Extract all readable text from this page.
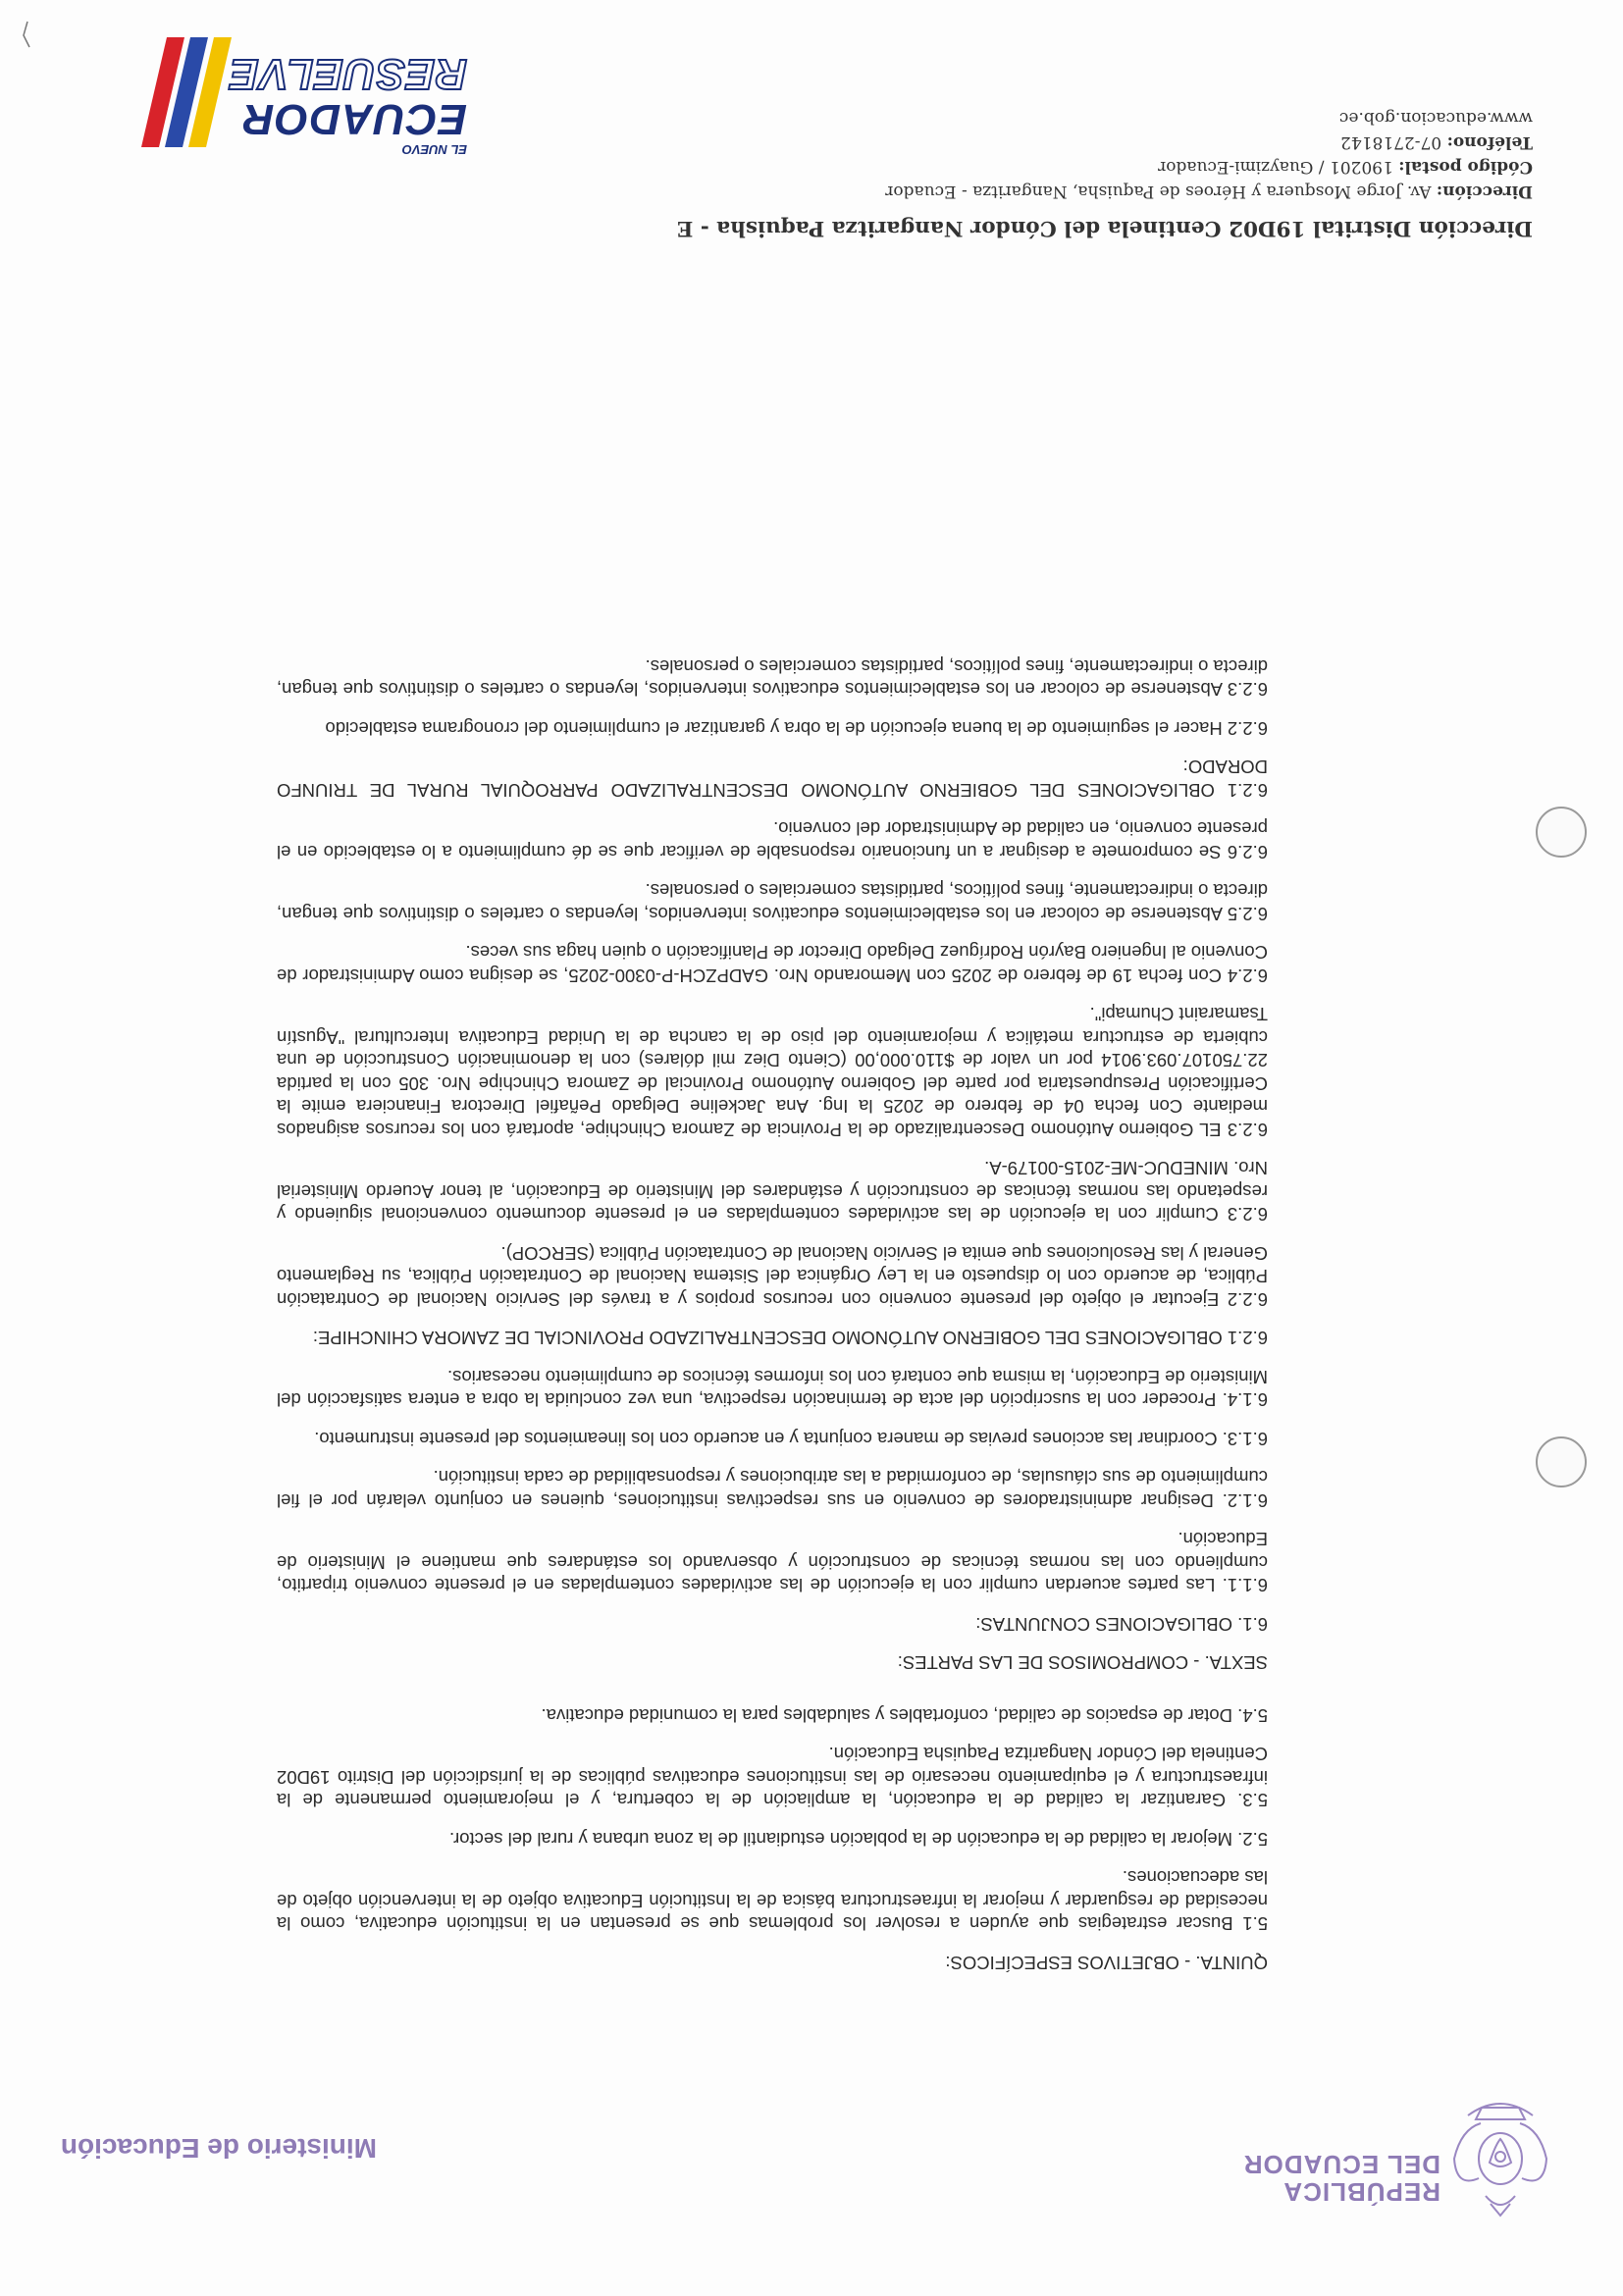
REPÚBLICA
DEL ECUADOR
Ministerio de Educación

QUINTA. - OBJETIVOS ESPECÍFICOS:

5.1 Buscar estrategias que ayuden a resolver los problemas que se presentan en la institución educativa, como la necesidad de resguardar y mejorar la infraestructura básica de la Institución Educativa objeto de la intervención objeto de las adecuaciones.

5.2. Mejorar la calidad de la educación de la población estudiantil de la zona urbana y rural del sector.

5.3. Garantizar la calidad de la educación, la ampliación de la cobertura, y el mejoramiento permanente de la infraestructura y el equipamiento necesario de las instituciones educativas públicas de la jurisdicción del Distrito 19D02 Centinela del Cóndor Nangaritza Paquisha Educación.

5.4. Dotar de espacios de calidad, confortables y saludables para la comunidad educativa.

SEXTA. - COMPROMISOS DE LAS PARTES:

6.1. OBLIGACIONES CONJUNTAS:

6.1.1. Las partes acuerdan cumplir con la ejecución de las actividades contempladas en el presente convenio tripartito, cumpliendo con las normas técnicas de construcción y observando los estándares que mantiene el Ministerio de Educación.

6.1.2. Designar administradores de convenio en sus respectivas instituciones, quienes en conjunto velarán por el fiel cumplimiento de sus cláusulas, de conformidad a las atribuciones y responsabilidad de cada institución.

6.1.3. Coordinar las acciones previas de manera conjunta y en acuerdo con los lineamientos del presente instrumento.

6.1.4. Proceder con la suscripción del acta de terminación respectiva, una vez concluida la obra a entera satisfacción del Ministerio de Educación, la misma que contará con los informes técnicos de cumplimiento necesarios.

6.2.1 OBLIGACIONES DEL GOBIERNO AUTÓNOMO DESCENTRALIZADO PROVINCIAL DE ZAMORA CHINCHIPE:

6.2.2 Ejecutar el objeto del presente convenio con recursos propios y a través del Servicio Nacional de Contratación Pública, de acuerdo con lo dispuesto en la Ley Orgánica del Sistema Nacional de Contratación Pública, su Reglamento General y las Resoluciones que emita el Servicio Nacional de Contratación Pública (SERCOP).

6.2.3 Cumplir con la ejecución de las actividades contempladas en el presente documento convencional siguiendo y respetando las normas técnicas de construcción y estándares del Ministerio de Educación, al tenor Acuerdo Ministerial Nro. MINEDUC-ME-2015-00179-A.

6.2.3 EL Gobierno Autónomo Descentralizado de la Provincia de Zamora Chinchipe, aportará con los recursos asignados mediante Con fecha 04 de febrero de 2025 la Ing. Ana Jackeline Delgado Peñafiel Directora Financiera emite la Certificación Presupuestaria por parte del Gobierno Autónomo Provincial de Zamora Chinchipe Nro. 305 con la partida 22.750107.093.9014 por un valor de $110.000,00 (Ciento Diez mil dólares) con la denominación Construcción de una cubierta de estructura metálica y mejoramiento del piso de la cancha de la Unidad Educativa Intercultural "Agustín Tsamaraint Chumapi".

6.2.4 Con fecha 19 de febrero de 2025 con Memorando Nro. GADPZCH-P-0300-2025, se designa como Administrador de Convenio al Ingeniero Bayrón Rodríguez Delgado Director de Planificación o quien haga sus veces.

6.2.5 Abstenerse de colocar en los establecimientos educativos intervenidos, leyendas o carteles o distintivos que tengan, directa o indirectamente, fines políticos, partidistas comerciales o personales.

6.2.6 Se compromete a designar a un funcionario responsable de verificar que se dé cumplimiento a lo establecido en el presente convenio, en calidad de Administrador del convenio.

6.2.1 OBLIGACIONES DEL GOBIERNO AUTÓNOMO DESCENTRALIZADO PARROQUIAL RURAL DE TRIUNFO DORADO:

6.2.2 Hacer el seguimiento de la buena ejecución de la obra y garantizar el cumplimiento del cronograma establecido

6.2.3 Abstenerse de colocar en los establecimientos educativos intervenidos, leyendas o carteles o distintivos que tengan, directa o indirectamente, fines políticos, partidistas comerciales o personales.

Dirección Distrital 19D02 Centinela del Cóndor Nangaritza Paquisha - E
Dirección: Av. Jorge Mosquera y Héroes de Paquisha, Nangaritza - Ecuador
Código postal: 190201 / Guayzimi-Ecuador
Teléfono: 07-2718142
www.educacion.gob.ec
EL NUEVO
ECUADOR
RESUELVE
